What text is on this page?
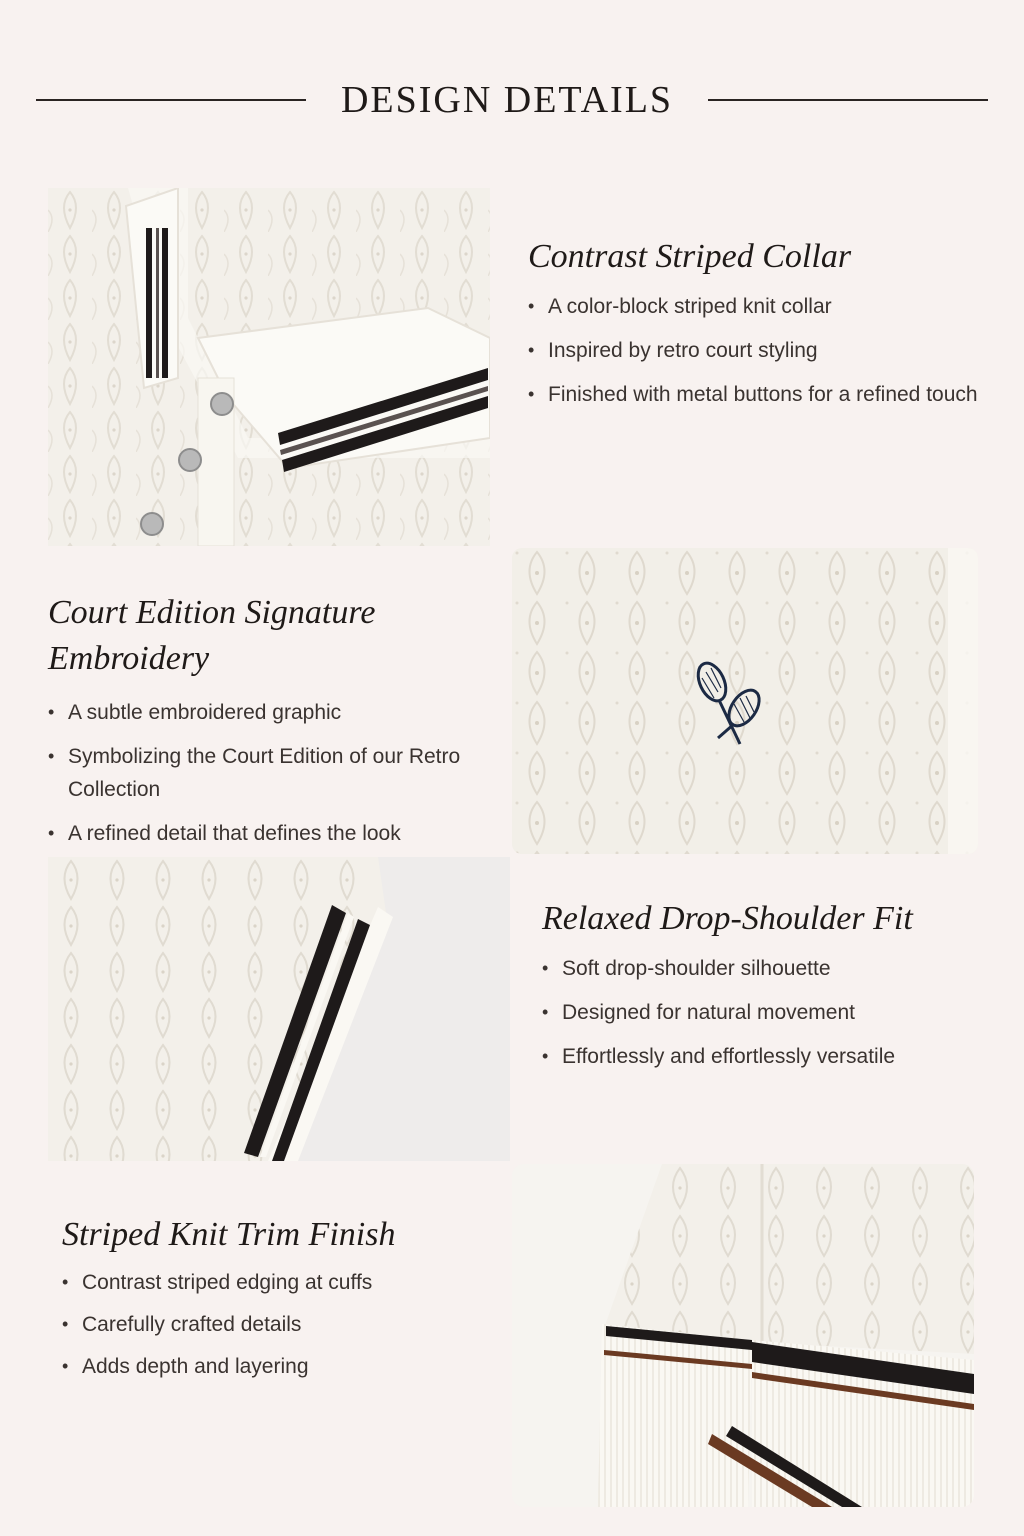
DESIGN DETAILS
Contrast Striped Collar
• A color-block striped knit collar
• Inspired by retro court styling
• Finished with metal buttons for a refined touch
Court Edition Signature Embroidery
• A subtle embroidered graphic
• Symbolizing the Court Edition of our Retro Collection
• A refined detail that defines the look
Relaxed Drop-Shoulder Fit
• Soft drop-shoulder silhouette
• Designed for natural movement
• Effortlessly and effortlessly versatile
Striped Knit Trim Finish
• Contrast striped edging at cuffs
• Carefully crafted details
• Adds depth and layering
